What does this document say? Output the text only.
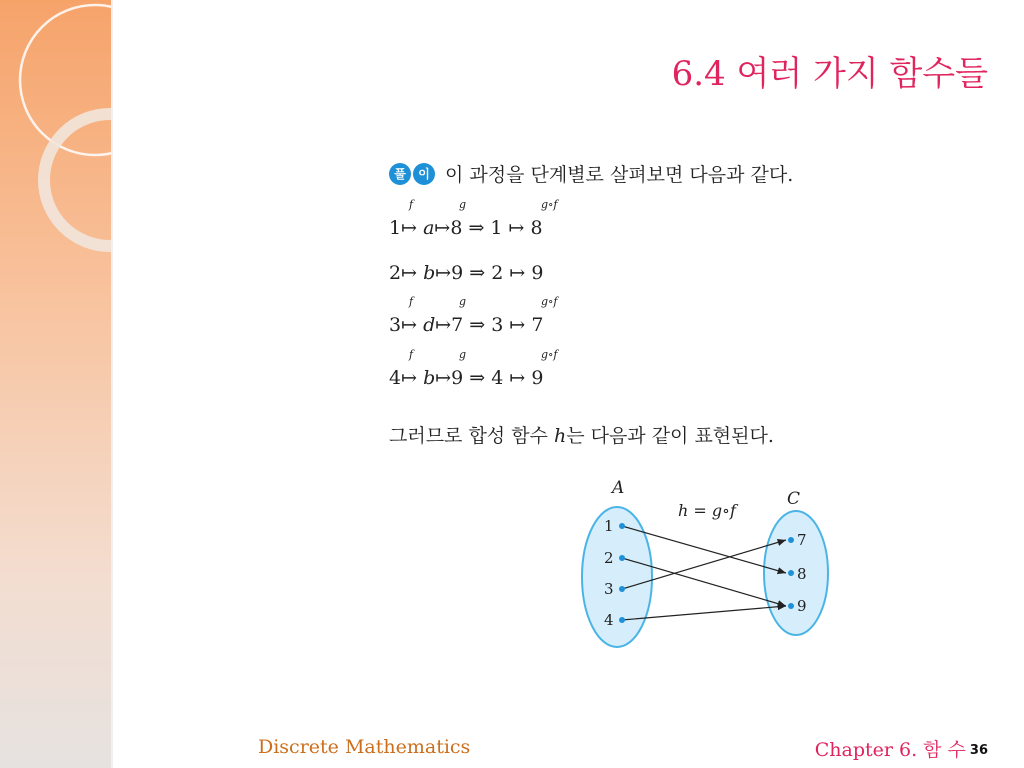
6.4 여러 가지 함수들
풀	이 이 과정을 단계별로 살펴보면 다음과 같다.
f	g	g∘f
1↦ a↦8 ⇒ 1 ↦ 8
2↦ b↦9 ⇒ 2 ↦ 9
f	g	g∘f
3↦ d↦7 ⇒ 3 ↦ 7
f	g	g∘f
4↦ b↦9 ⇒ 4 ↦ 9
그러므로 합성 함수 h는 다음과 같이 표현된다.
A
C
h = g∘f
1
2
3
4
7
8
9
Discrete Mathematics	Chapter 6. 함 수 36
